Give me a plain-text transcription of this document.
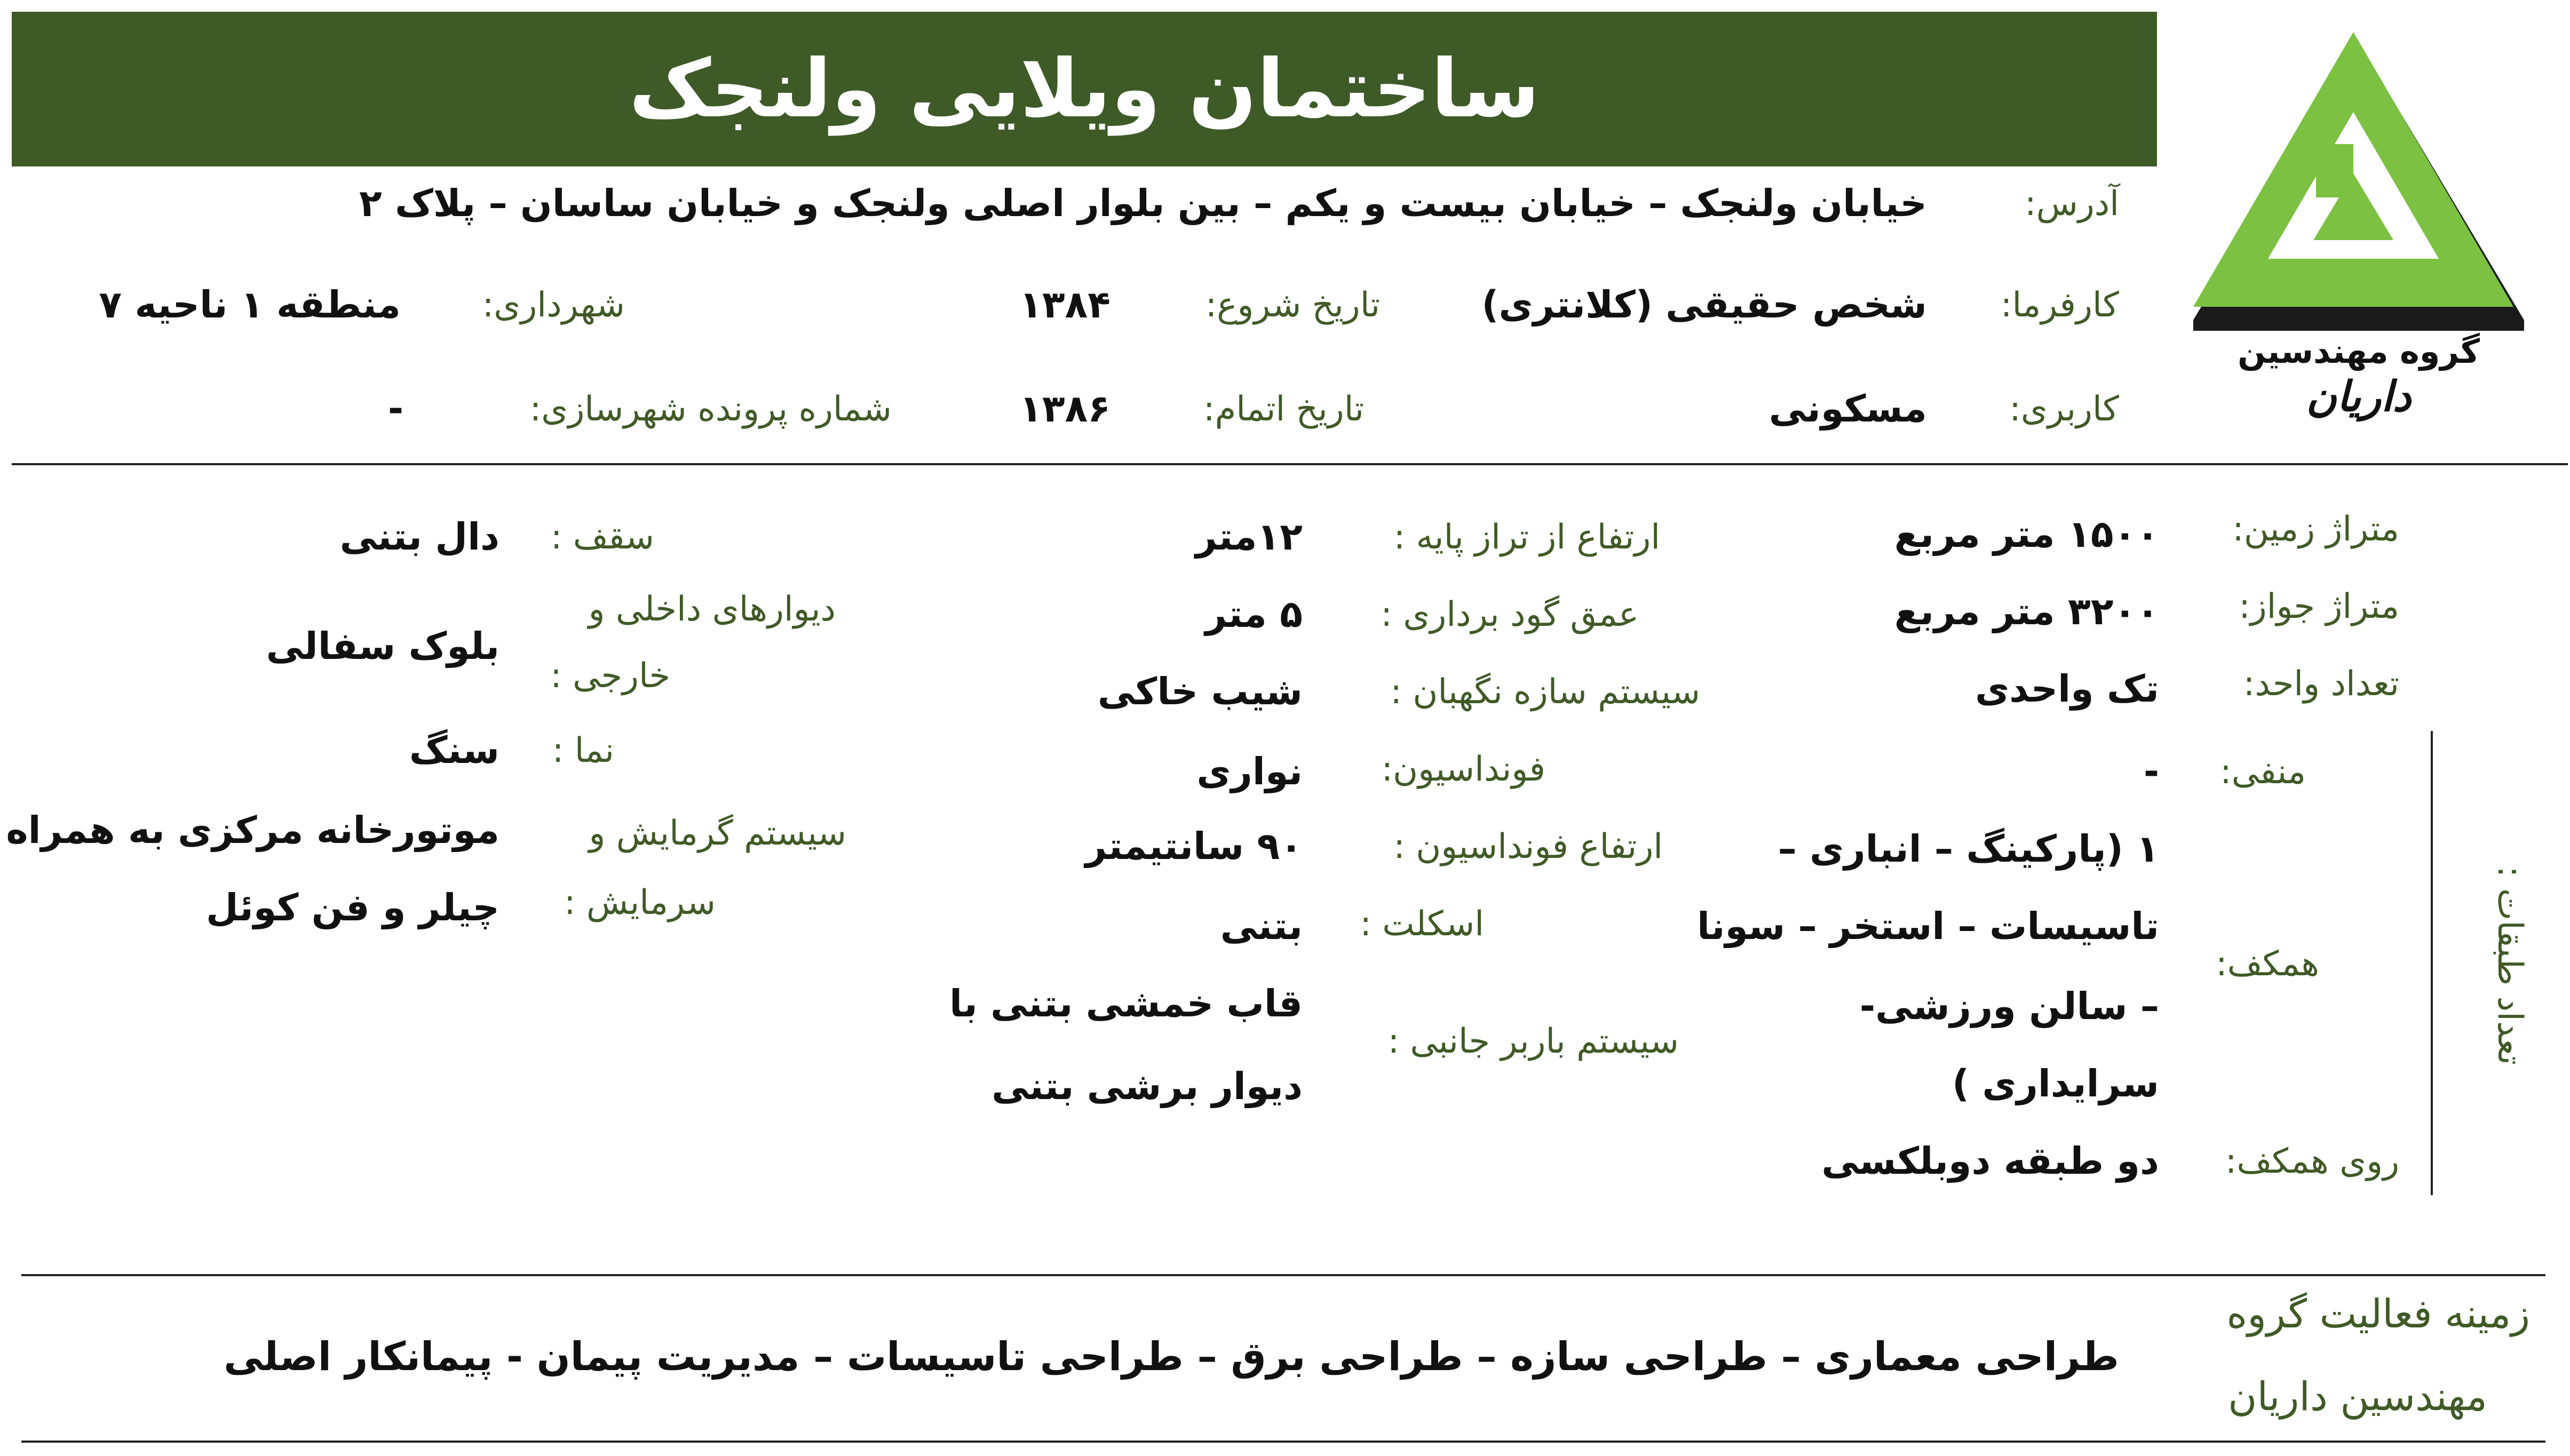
ساختمان ویلایی ولنجک
گروه مهندسین
داریان
آدرس:
خیابان ولنجک – خیابان بیست و یکم – بین بلوار اصلی ولنجک و خیابان ساسان – پلاک ۲
کارفرما:
شخص حقیقی (کلانتری)
تاریخ شروع:
۱۳۸۴
شهرداری:
منطقه ۱ ناحیه ۷
کاربری:
مسکونی
تاریخ اتمام:
۱۳۸۶
شماره پرونده شهرسازی:
-
متراژ زمین:
۱۵۰۰ متر مربع
متراژ جواز:
۳۲۰۰ متر مربع
تعداد واحد:
تک واحدی
تعداد طبقات :
منفی:
-
همکف:
۱ (پارکینگ – انباری –
تاسیسات – استخر – سونا
– سالن ورزشی-
سرایداری )
روی همکف:
دو طبقه دوبلکسی
ارتفاع از تراز پایه :
۱۲متر
عمق گود برداری :
۵ متر
سیستم سازه نگهبان :
شیب خاکی
فونداسیون:
نواری
ارتفاع فونداسیون :
۹۰ سانتیمتر
اسکلت :
بتنی
سیستم باربر جانبی :
قاب خمشی بتنی با
دیوار برشی بتنی
سقف :
دال بتنی
دیوارهای داخلی و
خارجی :
بلوک سفالی
نما :
سنگ
سیستم گرمایش و
سرمایش :
موتورخانه مرکزی به همراه
چیلر و فن کوئل
زمینه فعالیت گروه
مهندسین داریان
طراحی معماری – طراحی سازه – طراحی برق – طراحی تاسیسات – مدیریت پیمان - پیمانکار اصلی
